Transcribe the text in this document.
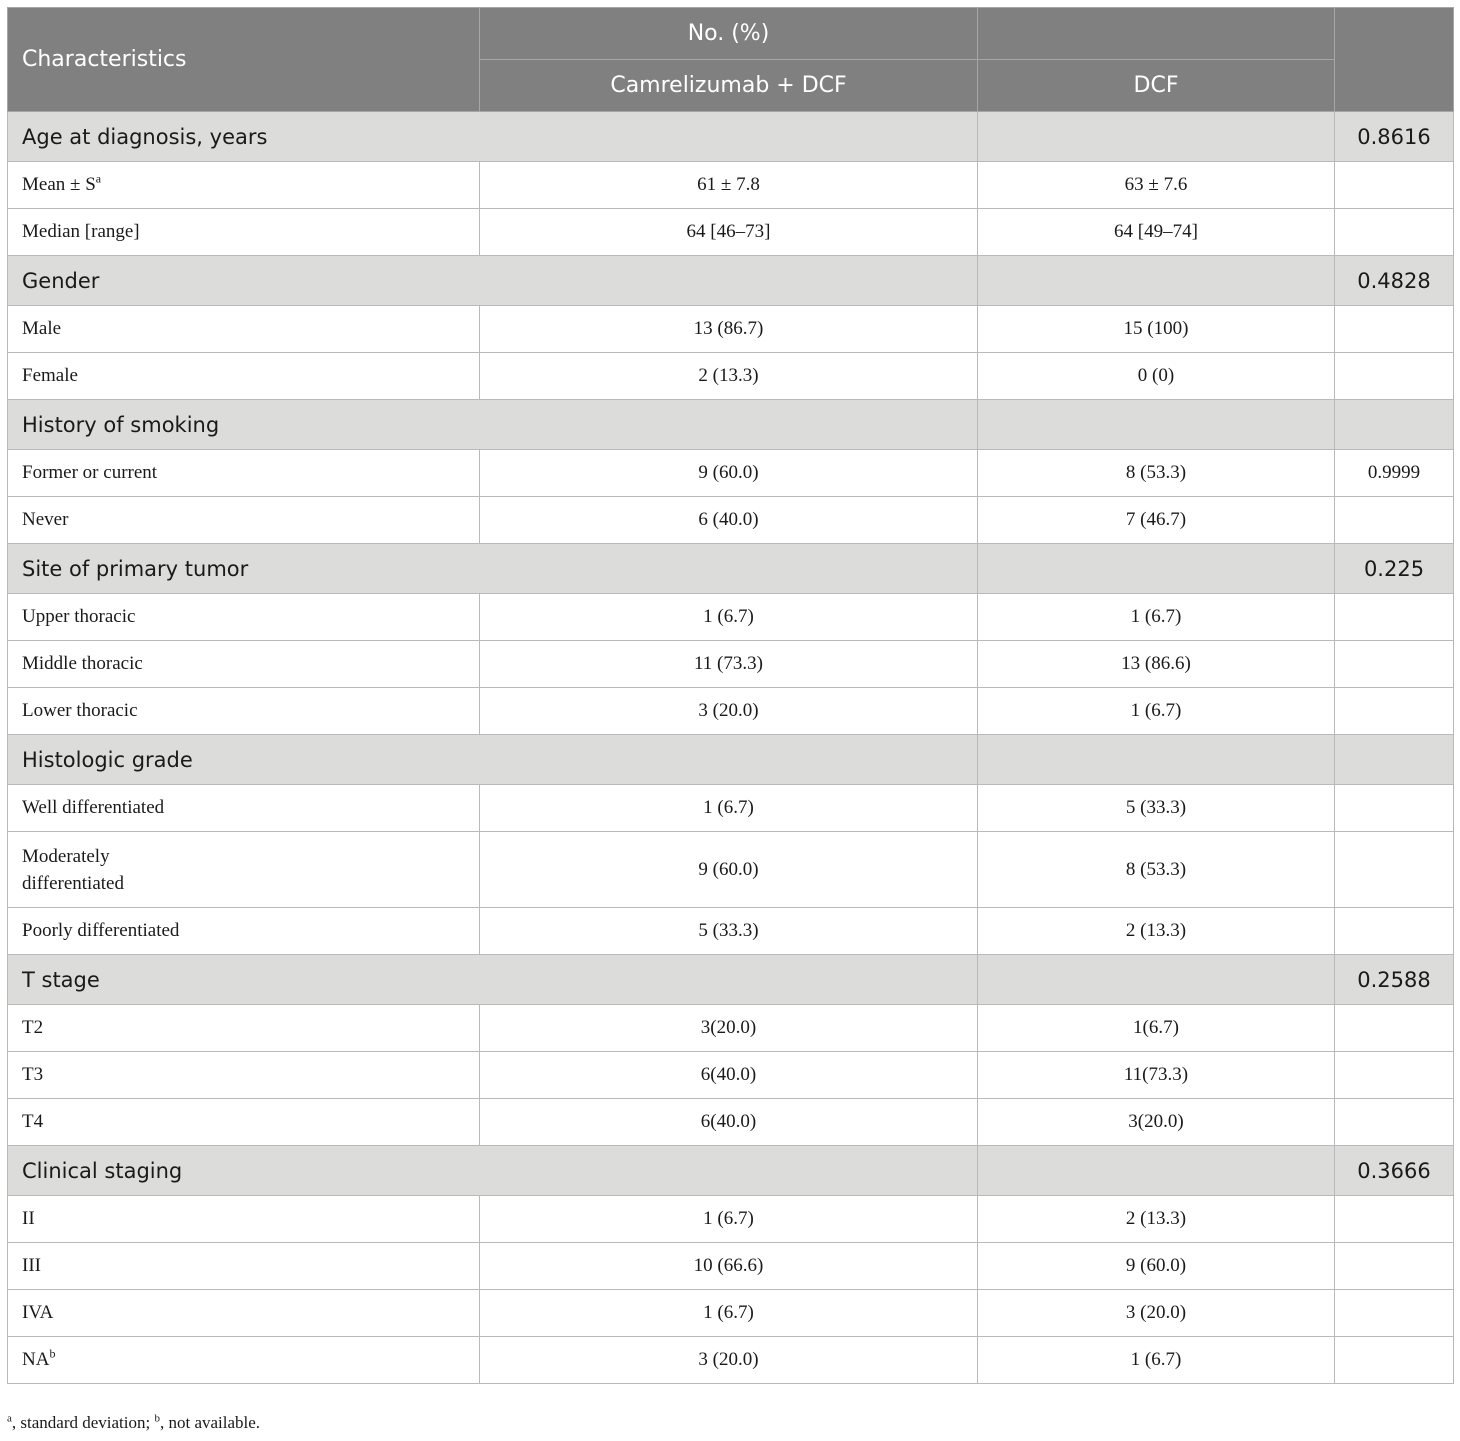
Characteristics	No. (%)		
	Camrelizumab + DCF	DCF	
Age at diagnosis, years			0.8616
Mean ± $S^a$	61 ± 7.8	63 ± 7.6	
Median [range]	64 [46–73]	64 [49–74]	
Gender			0.4828
Male	13 (86.7)	15 (100)	
Female	2 (13.3)	0 (0)	
History of smoking			
Former or current	9 (60.0)	8 (53.3)	0.9999
Never	6 (40.0)	7 (46.7)	
Site of primary tumor			0.225
Upper thoracic	1 (6.7)	1 (6.7)	
Middle thoracic	11 (73.3)	13 (86.6)	
Lower thoracic	3 (20.0)	1 (6.7)	
Histologic grade			
Well differentiated	1 (6.7)	5 (33.3)	
Moderately differentiated	9 (60.0)	8 (53.3)	
Poorly differentiated	5 (33.3)	2 (13.3)	
T stage			0.2588
T2	3(20.0)	1(6.7)	
T3	6(40.0)	11(73.3)	
T4	6(40.0)	3(20.0)	
Clinical staging			0.3666
II	1 (6.7)	2 (13.3)	
III	10 (66.6)	9 (60.0)	
IVA	1 (6.7)	3 (20.0)	
$NA^b$	3 (20.0)	1 (6.7)	
$^a$, standard deviation; $^b$, not available.
